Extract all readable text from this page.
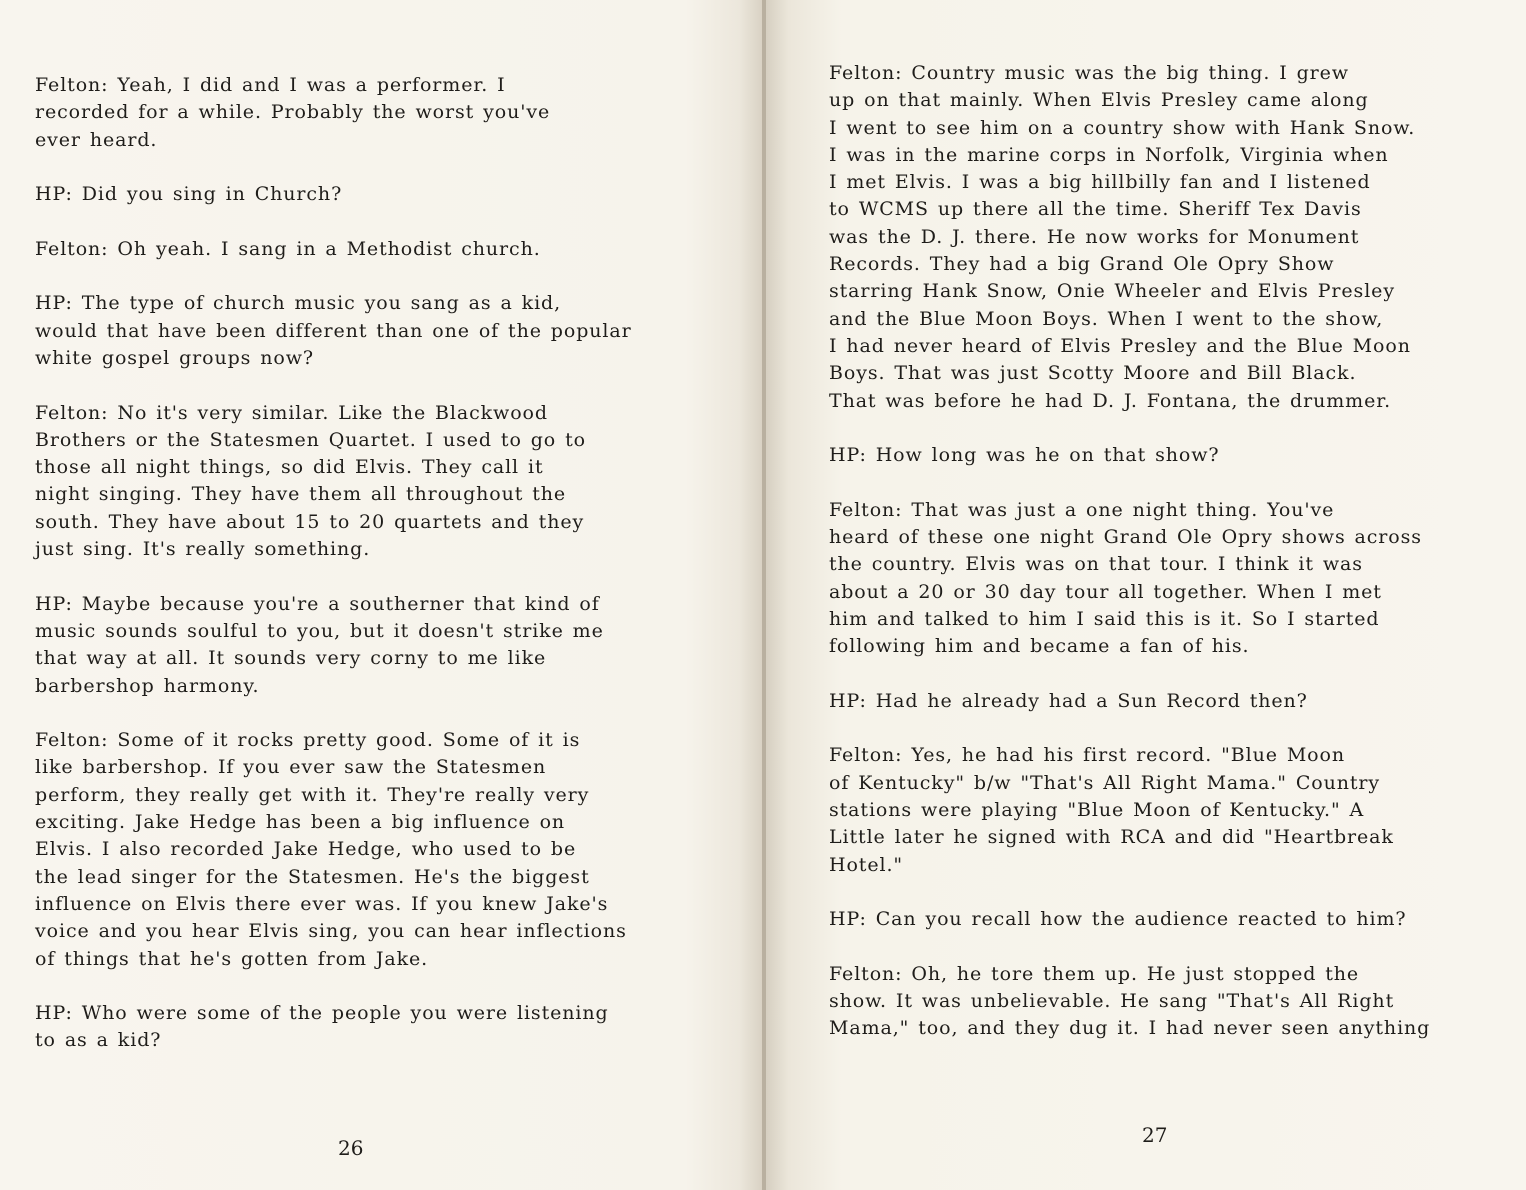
Felton: Yeah, I did and I was a performer. I
recorded for a while. Probably the worst you've
ever heard.
HP: Did you sing in Church?
Felton: Oh yeah. I sang in a Methodist church.
HP: The type of church music you sang as a kid,
would that have been different than one of the popular
white gospel groups now?
Felton: No it's very similar. Like the Blackwood
Brothers or the Statesmen Quartet. I used to go to
those all night things, so did Elvis. They call it
night singing. They have them all throughout the
south. They have about 15 to 20 quartets and they
just sing. It's really something.
HP: Maybe because you're a southerner that kind of
music sounds soulful to you, but it doesn't strike me
that way at all. It sounds very corny to me like
barbershop harmony.
Felton: Some of it rocks pretty good. Some of it is
like barbershop. If you ever saw the Statesmen
perform, they really get with it. They're really very
exciting. Jake Hedge has been a big influence on
Elvis. I also recorded Jake Hedge, who used to be
the lead singer for the Statesmen. He's the biggest
influence on Elvis there ever was. If you knew Jake's
voice and you hear Elvis sing, you can hear inflections
of things that he's gotten from Jake.
HP: Who were some of the people you were listening
to as a kid?
26
Felton: Country music was the big thing. I grew
up on that mainly. When Elvis Presley came along
I went to see him on a country show with Hank Snow.
I was in the marine corps in Norfolk, Virginia when
I met Elvis. I was a big hillbilly fan and I listened
to WCMS up there all the time. Sheriff Tex Davis
was the D. J. there. He now works for Monument
Records. They had a big Grand Ole Opry Show
starring Hank Snow, Onie Wheeler and Elvis Presley
and the Blue Moon Boys. When I went to the show,
I had never heard of Elvis Presley and the Blue Moon
Boys. That was just Scotty Moore and Bill Black.
That was before he had D. J. Fontana, the drummer.
HP: How long was he on that show?
Felton: That was just a one night thing. You've
heard of these one night Grand Ole Opry shows across
the country. Elvis was on that tour. I think it was
about a 20 or 30 day tour all together. When I met
him and talked to him I said this is it. So I started
following him and became a fan of his.
HP: Had he already had a Sun Record then?
Felton: Yes, he had his first record. "Blue Moon
of Kentucky" b/w "That's All Right Mama." Country
stations were playing "Blue Moon of Kentucky." A
Little later he signed with RCA and did "Heartbreak
Hotel."
HP: Can you recall how the audience reacted to him?
Felton: Oh, he tore them up. He just stopped the
show. It was unbelievable. He sang "That's All Right
Mama," too, and they dug it. I had never seen anything
27
